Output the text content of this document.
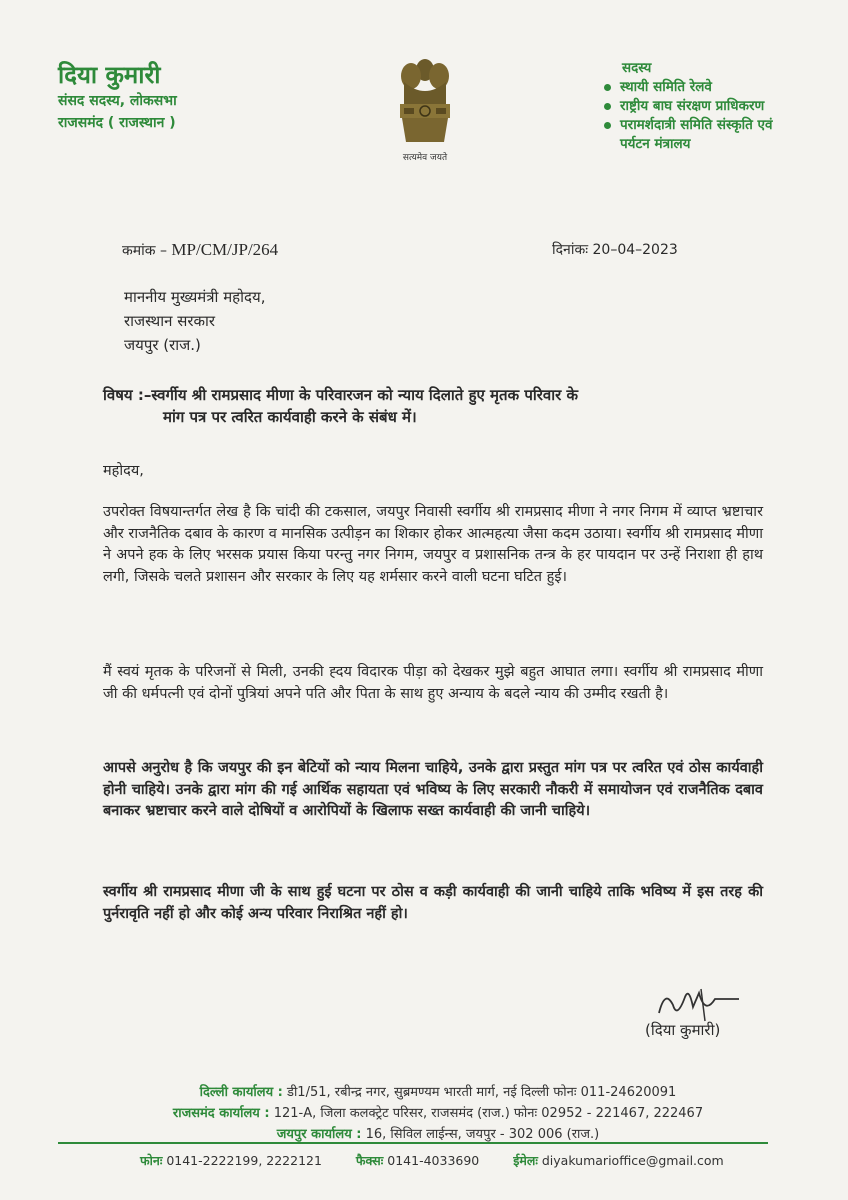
दिया कुमारी
संसद सदस्य, लोकसभा
राजसमंद ( राजस्थान )
सत्यमेव जयते
सदस्य
स्थायी समिति रेलवे
राष्ट्रीय बाघ संरक्षण प्राधिकरण
परामर्शदात्री समिति संस्कृति एवं
पर्यटन मंत्रालय
कमांक – MP/CM/JP/264	दिनांकः 20–04–2023
माननीय मुख्यमंत्री महोदय,
राजस्थान सरकार
जयपुर (राज.)
विषय :–स्वर्गीय श्री रामप्रसाद मीणा के परिवारजन को न्याय दिलाते हुए मृतक परिवार के
मांग पत्र पर त्वरित कार्यवाही करने के संबंध में।
महोदय,
उपरोक्त विषयान्तर्गत लेख है कि चांदी की टकसाल, जयपुर निवासी स्वर्गीय श्री रामप्रसाद मीणा ने नगर निगम में व्याप्त भ्रष्टाचार और राजनैतिक दबाव के कारण व मानसिक उत्पीड़न का शिकार होकर आत्महत्या जैसा कदम उठाया। स्वर्गीय श्री रामप्रसाद मीणा ने अपने हक के लिए भरसक प्रयास किया परन्तु नगर निगम, जयपुर व प्रशासनिक तन्त्र के हर पायदान पर उन्हें निराशा ही हाथ लगी, जिसके चलते प्रशासन और सरकार के लिए यह शर्मसार करने वाली घटना घटित हुई।
मैं स्वयं मृतक के परिजनों से मिली, उनकी ह्दय विदारक पीड़ा को देखकर मुझे बहुत आघात लगा। स्वर्गीय श्री रामप्रसाद मीणा जी की धर्मपत्नी एवं दोनों पुत्रियां अपने पति और पिता के साथ हुए अन्याय के बदले न्याय की उम्मीद रखती है।
आपसे अनुरोध है कि जयपुर की इन बेटियों को न्याय मिलना चाहिये, उनके द्वारा प्रस्तुत मांग पत्र पर त्वरित एवं ठोस कार्यवाही होनी चाहिये। उनके द्वारा मांग की गई आर्थिक सहायता एवं भविष्य के लिए सरकारी नौकरी में समायोजन एवं राजनैतिक दबाव बनाकर भ्रष्टाचार करने वाले दोषियों व आरोपियों के खिलाफ सख्त कार्यवाही की जानी चाहिये।
स्वर्गीय श्री रामप्रसाद मीणा जी के साथ हुई घटना पर ठोस व कड़ी कार्यवाही की जानी चाहिये ताकि भविष्य में इस तरह की पुर्नरावृति नहीं हो और कोई अन्य परिवार निराश्रित नहीं हो।
(दिया कुमारी)
दिल्ली कार्यालय : डी1/51, रबीन्द्र नगर, सुब्रमण्यम भारती मार्ग, नई दिल्ली फोनः 011-24620091
राजसमंद कार्यालय : 121-A, जिला कलक्ट्रेट परिसर, राजसमंद (राज.) फोनः 02952 - 221467, 222467
जयपुर कार्यालय : 16, सिविल लाईन्स, जयपुर - 302 006 (राज.)
फोनः 0141-2222199, 2222121	फैक्सः 0141-4033690	ईमेलः diyakumarioffice@gmail.com
